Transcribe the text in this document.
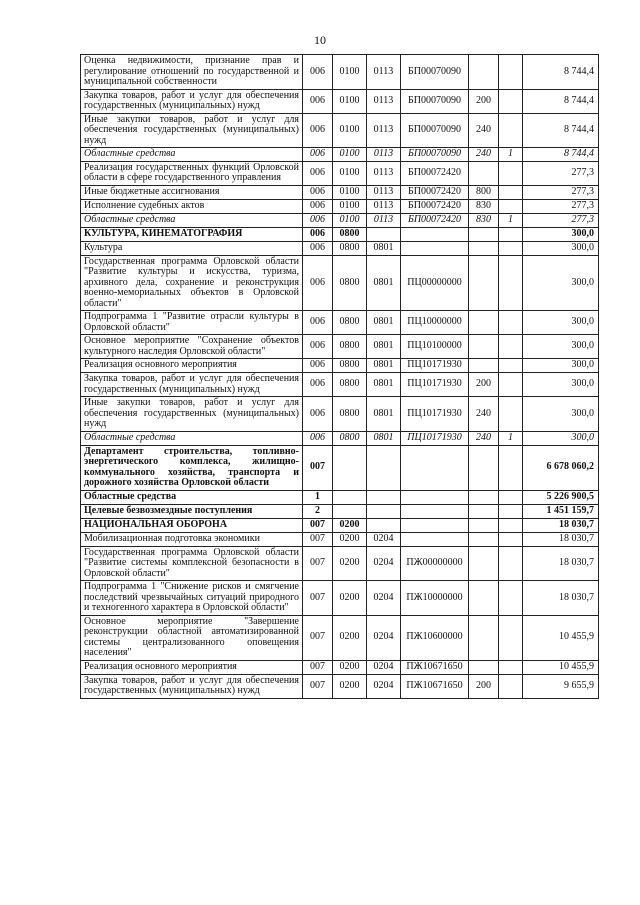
10
Оценка недвижимости, признание прав и регулирование отношений по государственной и муниципальной собственности	006	0100	0113	БП00070090			8 744,4
Закупка товаров, работ и услуг для обеспечения государственных (муниципальных) нужд	006	0100	0113	БП00070090	200		8 744,4
Иные закупки товаров, работ и услуг для обеспечения государственных (муниципальных) нужд	006	0100	0113	БП00070090	240		8 744,4
Областные средства	006	0100	0113	БП00070090	240	1	8 744,4
Реализация государственных функций Орловской области в сфере государственного управления	006	0100	0113	БП00072420			277,3
Иные бюджетные ассигнования	006	0100	0113	БП00072420	800		277,3
Исполнение судебных актов	006	0100	0113	БП00072420	830		277,3
Областные средства	006	0100	0113	БП00072420	830	1	277,3
КУЛЬТУРА, КИНЕМАТОГРАФИЯ	006	0800					300,0
Культура	006	0800	0801				300,0
Государственная программа Орловской области "Развитие культуры и искусства, туризма, архивного дела, сохранение и реконструкция военно-мемориальных объектов в Орловской области"	006	0800	0801	ПЦ00000000			300,0
Подпрограмма 1 "Развитие отрасли культуры в Орловской области"	006	0800	0801	ПЦ10000000			300,0
Основное мероприятие "Сохранение объектов культурного наследия Орловской области"	006	0800	0801	ПЦ10100000			300,0
Реализация основного мероприятия	006	0800	0801	ПЦ10171930			300,0
Закупка товаров, работ и услуг для обеспечения государственных (муниципальных) нужд	006	0800	0801	ПЦ10171930	200		300,0
Иные закупки товаров, работ и услуг для обеспечения государственных (муниципальных) нужд	006	0800	0801	ПЦ10171930	240		300,0
Областные средства	006	0800	0801	ПЦ10171930	240	1	300,0
Департамент строительства, топливно-энергетического комплекса, жилищно-коммунального хозяйства, транспорта и дорожного хозяйства Орловской области	007						6 678 060,2
Областные средства	1						5 226 900,5
Целевые безвозмездные поступления	2						1 451 159,7
НАЦИОНАЛЬНАЯ ОБОРОНА	007	0200					18 030,7
Мобилизационная подготовка экономики	007	0200	0204				18 030,7
Государственная программа Орловской области "Развитие системы комплексной безопасности в Орловской области"	007	0200	0204	ПЖ00000000			18 030,7
Подпрограмма 1 "Снижение рисков и смягчение последствий чрезвычайных ситуаций природного и техногенного характера в Орловской области"	007	0200	0204	ПЖ10000000			18 030,7
Основное мероприятие "Завершение реконструкции областной автоматизированной системы централизованного оповещения населения"	007	0200	0204	ПЖ10600000			10 455,9
Реализация основного мероприятия	007	0200	0204	ПЖ10671650			10 455,9
Закупка товаров, работ и услуг для обеспечения государственных (муниципальных) нужд	007	0200	0204	ПЖ10671650	200		9 655,9
